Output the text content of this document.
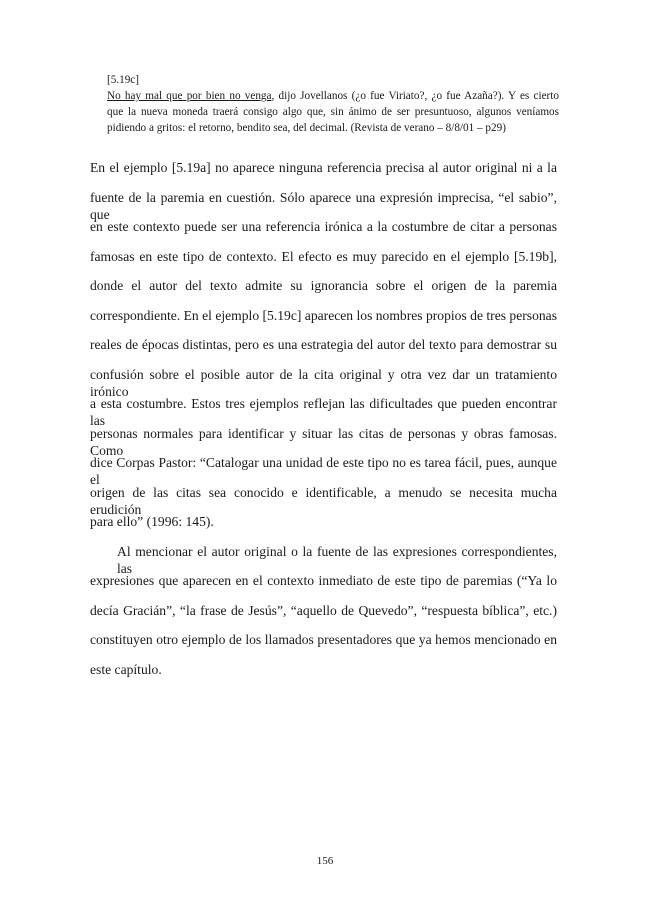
[5.19c]
No hay mal que por bien no venga, dijo Jovellanos (¿o fue Viriato?, ¿o fue Azaña?). Y es cierto
que la nueva moneda traerá consigo algo que, sin ánimo de ser presuntuoso, algunos veníamos
pidiendo a gritos: el retorno, bendito sea, del decimal. (Revista de verano – 8/8/01 – p29)
En el ejemplo [5.19a] no aparece ninguna referencia precisa al autor original ni a la
fuente de la paremia en cuestión. Sólo aparece una expresión imprecisa, “el sabio”, que
en este contexto puede ser una referencia irónica a la costumbre de citar a personas
famosas en este tipo de contexto. El efecto es muy parecido en el ejemplo [5.19b],
donde el autor del texto admite su ignorancia sobre el origen de la paremia
correspondiente. En el ejemplo [5.19c] aparecen los nombres propios de tres personas
reales de épocas distintas, pero es una estrategia del autor del texto para demostrar su
confusión sobre el posible autor de la cita original y otra vez dar un tratamiento irónico
a esta costumbre. Estos tres ejemplos reflejan las dificultades que pueden encontrar las
personas normales para identificar y situar las citas de personas y obras famosas. Como
dice Corpas Pastor: “Catalogar una unidad de este tipo no es tarea fácil, pues, aunque el
origen de las citas sea conocido e identificable, a menudo se necesita mucha erudición
para ello” (1996: 145).
Al mencionar el autor original o la fuente de las expresiones correspondientes, las
expresiones que aparecen en el contexto inmediato de este tipo de paremias (“Ya lo
decía Gracián”, “la frase de Jesús”, “aquello de Quevedo”, “respuesta bíblica”, etc.)
constituyen otro ejemplo de los llamados presentadores que ya hemos mencionado en
este capítulo.
156
